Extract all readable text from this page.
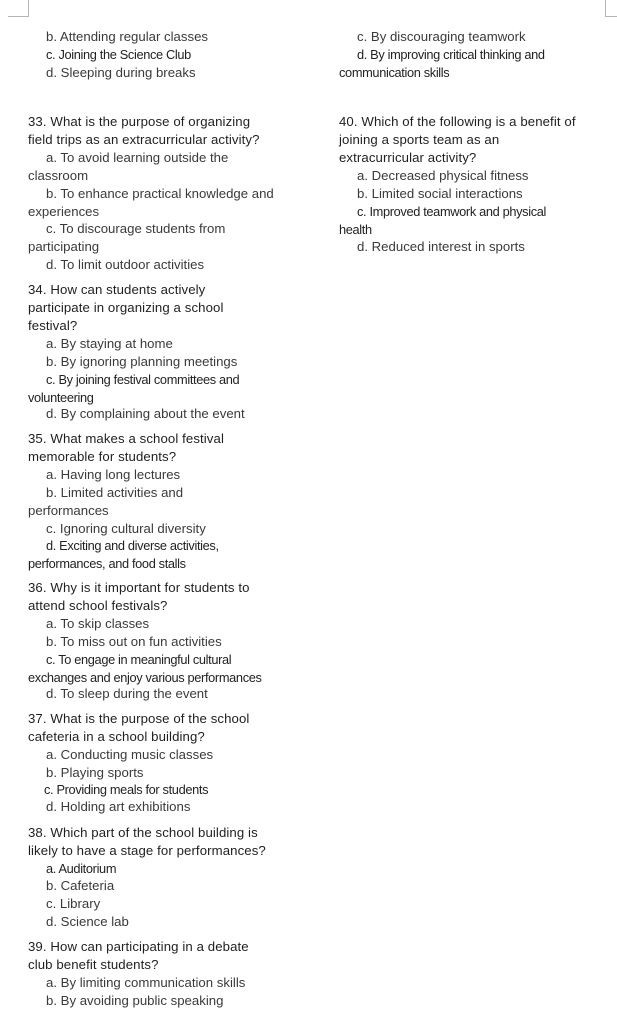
b. Attending regular classes
c. Joining the Science Club
d. Sleeping during breaks
33. What is the purpose of organizing
field trips as an extracurricular activity?
a. To avoid learning outside the
classroom
b. To enhance practical knowledge and
experiences
c. To discourage students from
participating
d. To limit outdoor activities
34. How can students actively
participate in organizing a school
festival?
a. By staying at home
b. By ignoring planning meetings
c. By joining festival committees and
volunteering
d. By complaining about the event
35. What makes a school festival
memorable for students?
a. Having long lectures
b. Limited activities and
performances
c. Ignoring cultural diversity
d. Exciting and diverse activities,
performances, and food stalls
36. Why is it important for students to
attend school festivals?
a. To skip classes
b. To miss out on fun activities
c. To engage in meaningful cultural
exchanges and enjoy various performances
d. To sleep during the event
37. What is the purpose of the school
cafeteria in a school building?
a. Conducting music classes
b. Playing sports
c. Providing meals for students
d. Holding art exhibitions
38. Which part of the school building is
likely to have a stage for performances?
a. Auditorium
b. Cafeteria
c. Library
d. Science lab
39. How can participating in a debate
club benefit students?
a. By limiting communication skills
b. By avoiding public speaking
c. By discouraging teamwork
d. By improving critical thinking and
communication skills
40. Which of the following is a benefit of
joining a sports team as an
extracurricular activity?
a. Decreased physical fitness
b. Limited social interactions
c. Improved teamwork and physical
health
d. Reduced interest in sports
